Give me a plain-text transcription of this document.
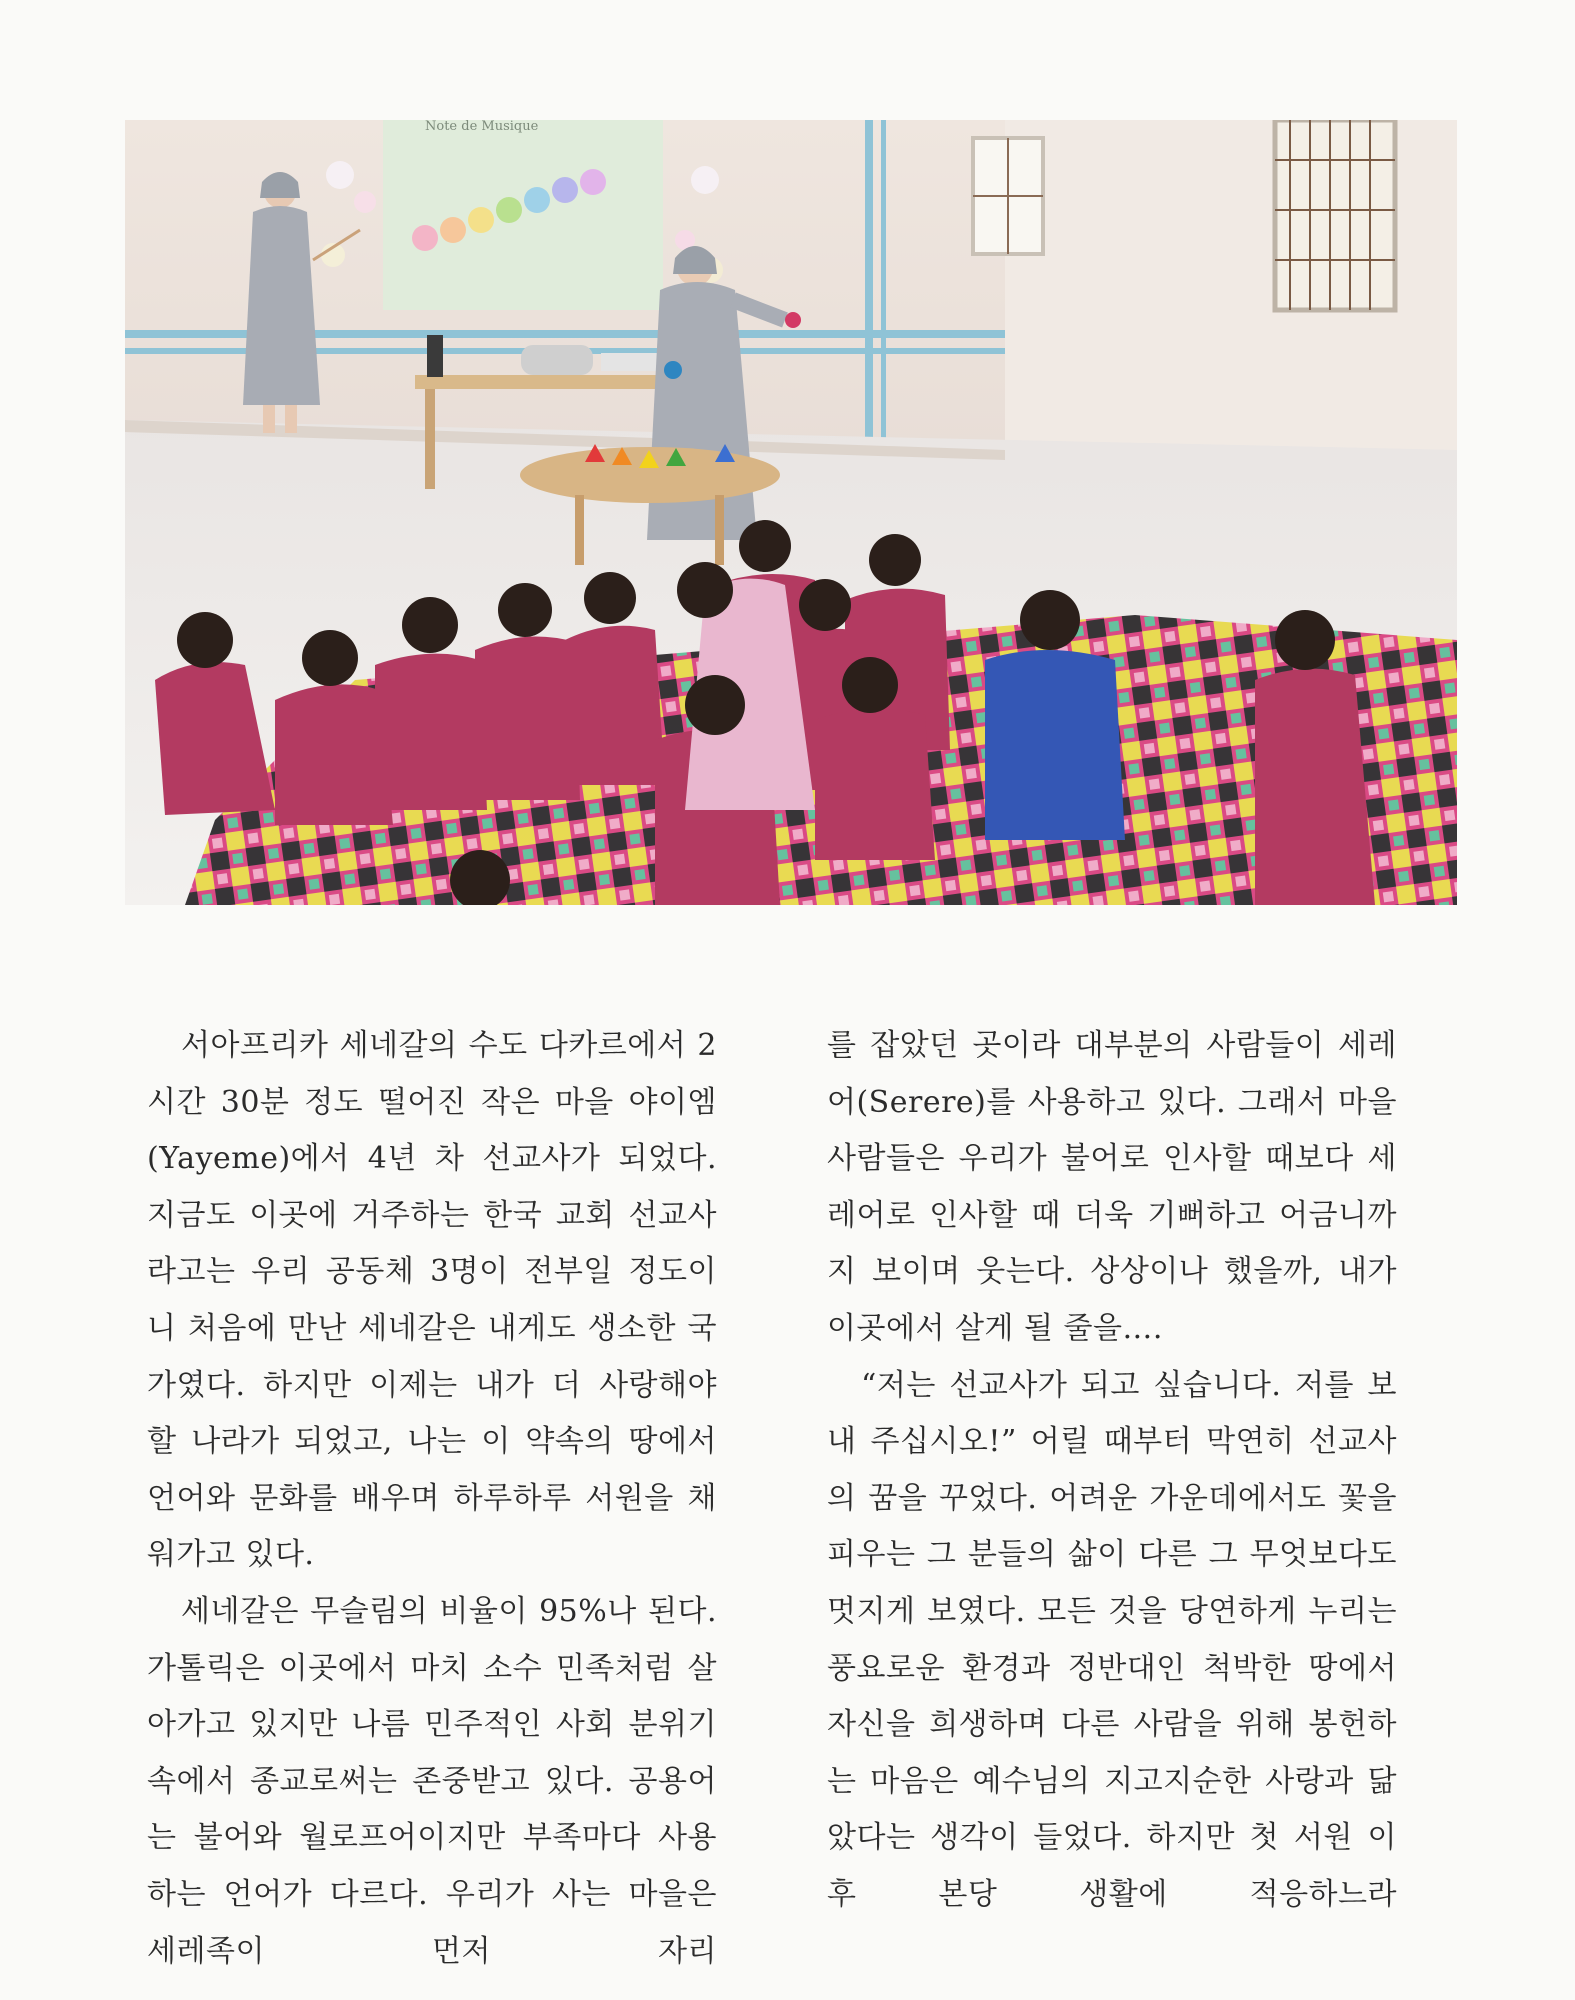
Note de Musique

서아프리카 세네갈의 수도 다카르에서 2시간 30분 정도 떨어진 작은 마을 야이엠(Yayeme)에서 4년 차 선교사가 되었다. 지금도 이곳에 거주하는 한국 교회 선교사라고는 우리 공동체 3명이 전부일 정도이니 처음에 만난 세네갈은 내게도 생소한 국가였다. 하지만 이제는 내가 더 사랑해야 할 나라가 되었고, 나는 이 약속의 땅에서 언어와 문화를 배우며 하루하루 서원을 채워가고 있다.

세네갈은 무슬림의 비율이 95%나 된다. 가톨릭은 이곳에서 마치 소수 민족처럼 살아가고 있지만 나름 민주적인 사회 분위기 속에서 종교로써는 존중받고 있다. 공용어는 불어와 월로프어이지만 부족마다 사용하는 언어가 다르다. 우리가 사는 마을은 세레족이 먼저 자리

를 잡았던 곳이라 대부분의 사람들이 세레어(Serere)를 사용하고 있다. 그래서 마을 사람들은 우리가 불어로 인사할 때보다 세레어로 인사할 때 더욱 기뻐하고 어금니까지 보이며 웃는다. 상상이나 했을까, 내가 이곳에서 살게 될 줄을….

“저는 선교사가 되고 싶습니다. 저를 보내 주십시오!” 어릴 때부터 막연히 선교사의 꿈을 꾸었다. 어려운 가운데에서도 꽃을 피우는 그 분들의 삶이 다른 그 무엇보다도 멋지게 보였다. 모든 것을 당연하게 누리는 풍요로운 환경과 정반대인 척박한 땅에서 자신을 희생하며 다른 사람을 위해 봉헌하는 마음은 예수님의 지고지순한 사랑과 닮았다는 생각이 들었다. 하지만 첫 서원 이후 본당 생활에 적응하느라
